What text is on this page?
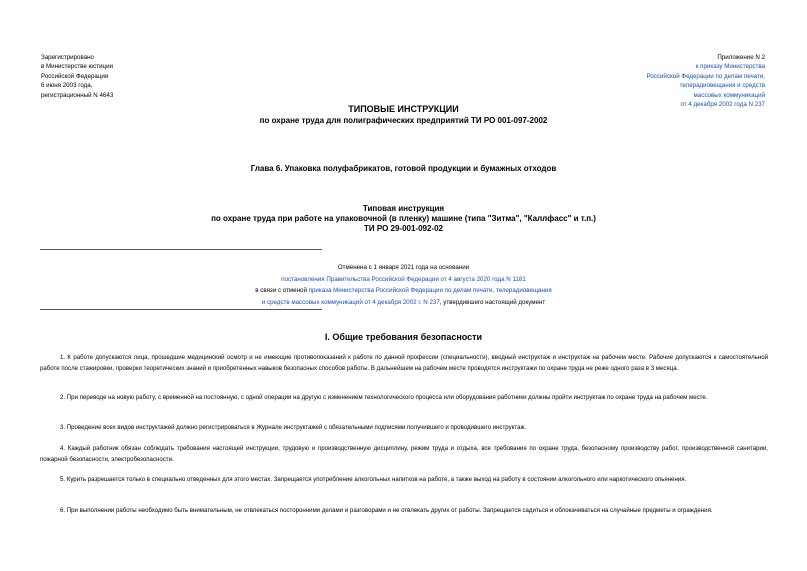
Зарегистрировано
в Министерстве юстиции
Российской Федерации
6 июня 2003 года,
регистрационный N 4643
Приложение N 2
к приказу Министерства
Российской Федерации по делам печати,
телерадиовещания и средств
массовых коммуникаций
от 4 декабря 2002 года N 237
ТИПОВЫЕ ИНСТРУКЦИИ
по охране труда для полиграфических предприятий ТИ РО 001-097-2002
Глава 6. Упаковка полуфабрикатов, готовой продукции и бумажных отходов
Типовая инструкция
по охране труда при работе на упаковочной (в пленку) машине (типа "Зитма", "Каллфасс" и т.п.)
ТИ РО 29-001-092-02
Отменена с 1 января 2021 года на основании
постановления Правительства Российской Федерации от 4 августа 2020 года N 1181
в связи с отменой приказа Министерства Российской Федерации по делам печати, телерадиовещания
и средств массовых коммуникаций от 4 декабря 2002 г. N 237, утвердившего настоящий документ
I. Общие требования безопасности
1. К работе допускаются лица, прошедшие медицинский осмотр и не имеющие противопоказаний к работе по данной профессии (специальности), вводный инструктаж и инструктаж на рабочем месте. Рабочие допускаются к самостоятельной работе после стажировки, проверки теоретических знаний и приобретенных навыков безопасных способов работы. В дальнейшем на рабочем месте проводятся инструктажи по охране труда не реже одного раза в 3 месяца.
2. При переводе на новую работу, с временной на постоянную, с одной операции на другую с изменением технологического процесса или оборудования работники должны пройти инструктаж по охране труда на рабочем месте.
3. Проведение всех видов инструктажей должно регистрироваться в Журнале инструктажей с обязательными подписями получившего и проводившего инструктаж.
4. Каждый работник обязан соблюдать требования настоящей инструкции, трудовую и производственную дисциплину, режим труда и отдыха, все требования по охране труда, безопасному производству работ, производственной санитарии, пожарной безопасности, электробезопасности.
5. Курить разрешается только в специально отведенных для этого местах. Запрещается употребление алкогольных напитков на работе, а также выход на работу в состоянии алкогольного или наркотического опьянения.
6. При выполнении работы необходимо быть внимательным, не отвлекаться посторонними делами и разговорами и не отвлекать других от работы. Запрещается садиться и облокачиваться на случайные предметы и ограждения.
